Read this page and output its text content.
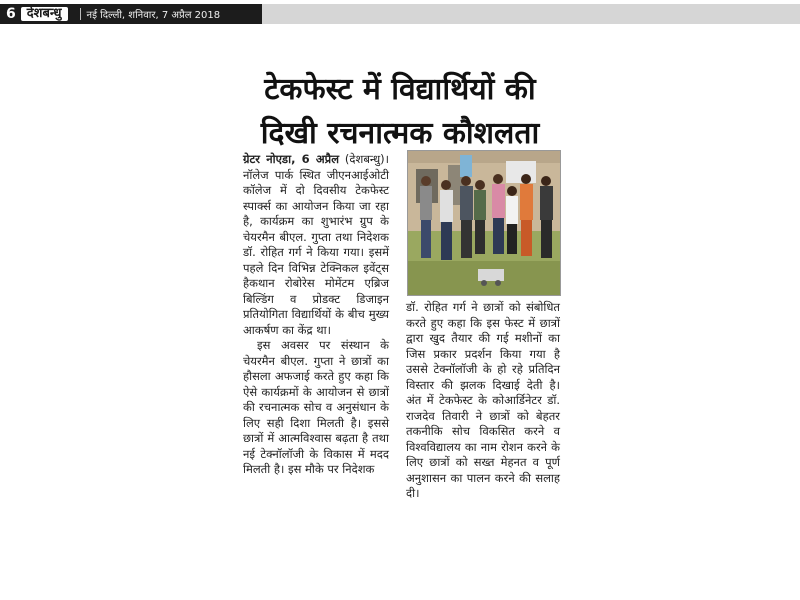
6 देशबन्धु	नई दिल्ली, शनिवार, 7 अप्रैल 2018
टेकफेस्ट में विद्यार्थियों की
दिखी रचनात्मक कौशलता

ग्रेटर नोएडा, 6 अप्रैल (देशबन्धु)। नॉलेज पार्क स्थित जीएनआईओटी कॉलेज में दो दिवसीय टेकफेस्ट स्पार्क्स का आयोजन किया जा रहा है, कार्यक्रम का शुभारंभ ग्रुप के चेयरमैन बीएल. गुप्ता तथा निदेशक डॉ. रोहित गर्ग ने किया गया। इसमें पहले दिन विभिन्न टेक्निकल इवेंट्स हैकथान रोबोरेस मोमेंटम एब्रिज बिल्डिंग व प्रोडक्ट डिजाइन प्रतियोगिता विद्यार्थियों के बीच मुख्य आकर्षण का केंद्र था।

इस अवसर पर संस्थान के चेयरमैन बीएल. गुप्ता ने छात्रों का हौसला अफजाई करते हुए कहा कि ऐसे कार्यक्रमों के आयोजन से छात्रों की रचनात्मक सोच व अनुसंधान के लिए सही दिशा मिलती है। इससे छात्रों में आत्मविश्वास बढ़ता है तथा नई टेक्नॉलॉजी के विकास में मदद मिलती है। इस मौके पर निदेशक

डॉ. रोहित गर्ग ने छात्रों को संबोधित करते हुए कहा कि इस फेस्ट में छात्रों द्वारा खुद तैयार की गई मशीनों का जिस प्रकार प्रदर्शन किया गया है उससे टेक्नॉलॉजी के हो रहे प्रतिदिन विस्तार की झलक दिखाई देती है। अंत में टेकफेस्ट के कोआर्डिनेटर डॉ. राजदेव तिवारी ने छात्रों को बेहतर तकनीकि सोच विकसित करने व विश्वविद्यालय का नाम रोशन करने के लिए छात्रों को सख्त मेहनत व पूर्ण अनुशासन का पालन करने की सलाह दी।
